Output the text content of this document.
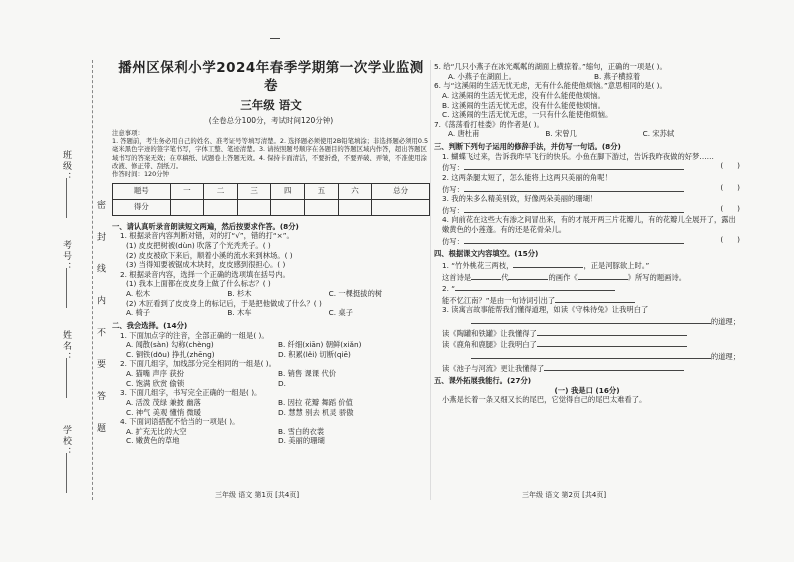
班级：
考号：
姓名：
学校：	密 封 线 内 不 要 答 题
播州区保利小学2024年春季学期第一次学业监测卷
三年级 语文
(全卷总分100分，考试时间120分钟)
注意事项：
1. 答题前，考生务必用自己的姓名、准考证号等填写清楚。2. 选择题必须使用2B铅笔填涂；非选择题必须用0.5毫米黑色字迹的签字笔书写，字体工整、笔迹清楚。3. 请按照题号顺序在各题目的答题区域内作答，超出答题区域书写的答案无效；在草稿纸、试题卷上答题无效。4. 保持卡面清洁，不要折叠，不要弄破、弄皱，不准使用涂改液、修正带、刮纸刀。
作答时间：120分钟
题号	一	二	三	四	五	六	总分
得分							
一、请认真听录音朗读短文两遍，然后按要求作答。(8分)
1. 根据录音内容判断对错，对的打“√”，错的打“×”。
(1) 皮皮把树被(dùn) 吹落了个光秃秃子。( )
(2) 皮皮被砍下来后，顺着小溪的流水来到林场。( )
(3) 当得知要被锯成木块时，皮皮感到很担心。( )
2. 根据录音内容，选择一个正确的选项填在括号内。
(1) 我本上面都在皮皮身上做了什么标志？( )
A. 松木	B. 杉木	C. 一棵挺拔的树
(2) 木匠看到了皮皮身上的标记后，于是把他做成了什么？( )
A. 椅子	B. 木车	C. 桌子
二、我会选择。(14分)
1. 下面加点字的注音，全部正确的一组是( )。
A. 闻散(sàn) 勾称(chèng)	B. 纤细(xiān) 朝鲜(xiǎn)
C. 铜铁(dōu) 挣扎(zhēng)	D. 积累(lěi) 切断(qiē)
2. 下面几组字，加线部分完全相同的一组是( )。
A. 猫嘴 声序 获扮	B. 销售 课课 代价
C. 饱满 欣赏 偷锁	D.
3. 下面几组字，书写完全正确的一组是( )。
A. 活泼 茂绿 兼披 幽落	B. 因拉 花瓣 舞蹈 价值
C. 神气 美观 懂悄 微暖	D. 慧慧 别去 机灵 骄傲
4. 下面词语搭配不恰当的一项是( )。
A. 扩充无比的大空	B. 雪白的衣裳
C. 嫩黄色的草地	D. 美丽的珊瑚
三年级 语文 第1页 [共4页]
5. 给“几只小燕子在冰光粼粼的湖面上横掠着。”缩句，正确的一项是( )。
A. 小燕子在湖面上。	B. 燕子横掠着
6. 与“这溪闹的生活无忧无虑，无有什么能使他烦恼。”意思相同的是( )。
A. 这溪闹的生活无忧无虑，没有什么能使他烦恼。
B. 这溪闹的生活无忧无虑，没有什么能使他烦恼。
C. 这溪闹的生活无忧无虑，一只有什么能使他烦恼。
7.《荡荡看打桂娄》的作者是( )。
A. 唐杜甫	B. 宋曾几	C. 宋苏轼
三、判断下列句子运用的修辞手法，并仿写一句话。(8分)
1. 蝴蝶飞过来，告诉我昨早飞行的快乐。小鱼在脚下游过，告诉我昨夜做的好梦……
仿写：	(      )
2. 这两条腿太短了，怎么能将上这两只美丽的角呢！
仿写：	(      )
3. 我的朱多么精美别致，好像两朵美丽的珊瑚！
仿写：	(      )
4. 向前花在这些大有渗之间冒出来，有的才展开两三片花瓣儿，有的花瓣儿全展开了，露出嫩黄色的小莲蓬。有的还是花骨朵儿。
仿写：	(      )
四、根据课文内容填空。(15分)
1. “竹外桃花三两枝，	，正是河豚欲上时。”
这首诗是	代	的画作《	》所写的题画诗。
2. “
能不忆江南？”是由一句诗词引出了
3. 读寓言故事能帮我们懂得道理，如读《守株待兔》让我明白了
的道理；
读《陶罐和铁罐》让我懂得了
读《鹿角和鹿腿》让我明白了
的道理；
读《池子与河流》更让我懂得了
五、课外拓展我能行。(27分)
(一) 我是口 (16分)
小燕是长着一条又细又长的尾巴，它觉得自己的尾巴太难看了。
三年级 语文 第2页 [共4页]
